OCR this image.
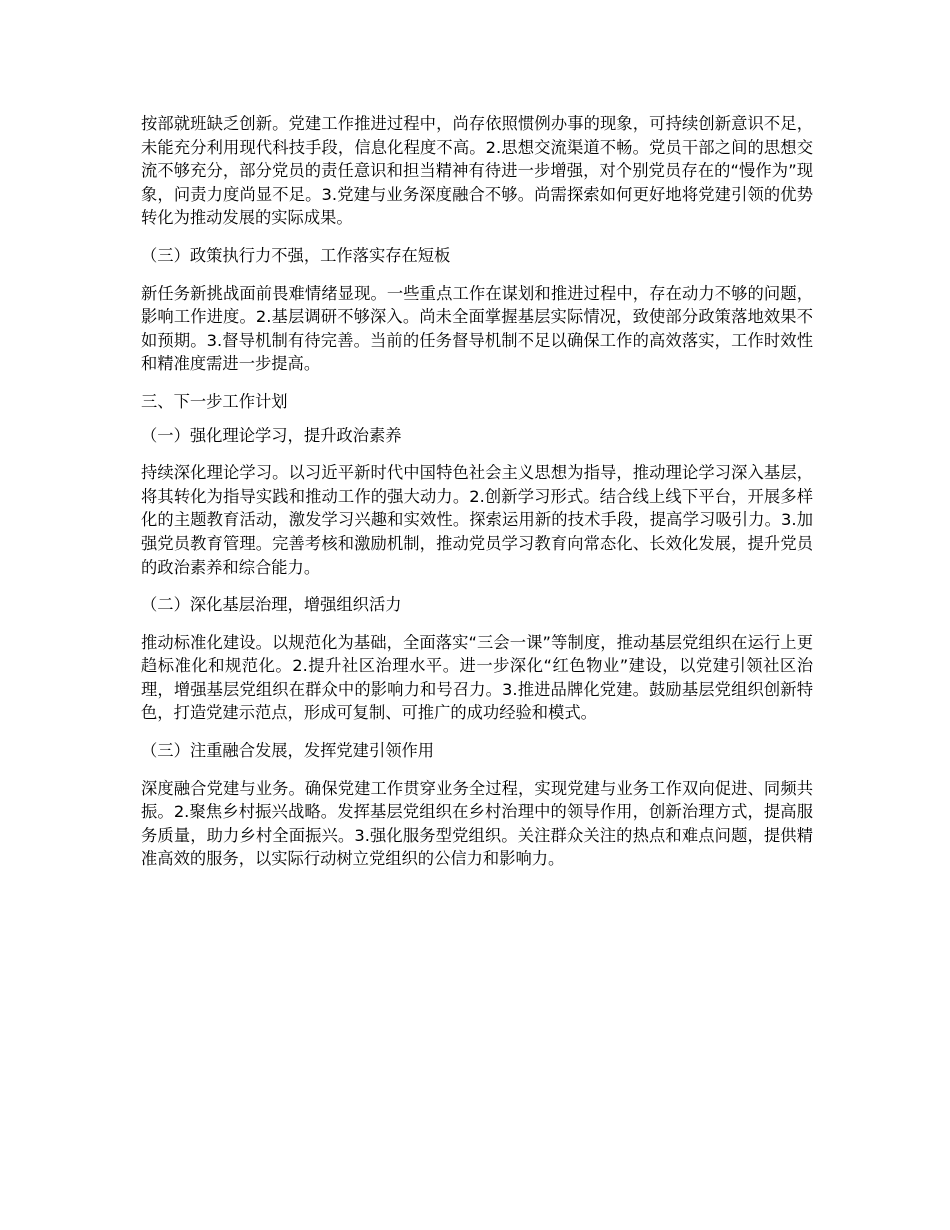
按部就班缺乏创新。党建工作推进过程中，尚存依照惯例办事的现象，可持续创新意识不足，未能充分利用现代科技手段，信息化程度不高。2.思想交流渠道不畅。党员干部之间的思想交流不够充分，部分党员的责任意识和担当精神有待进一步增强，对个别党员存在的“慢作为”现象，问责力度尚显不足。3.党建与业务深度融合不够。尚需探索如何更好地将党建引领的优势转化为推动发展的实际成果。

（三）政策执行力不强，工作落实存在短板

新任务新挑战面前畏难情绪显现。一些重点工作在谋划和推进过程中，存在动力不够的问题，影响工作进度。2.基层调研不够深入。尚未全面掌握基层实际情况，致使部分政策落地效果不如预期。3.督导机制有待完善。当前的任务督导机制不足以确保工作的高效落实，工作时效性和精准度需进一步提高。

三、下一步工作计划

（一）强化理论学习，提升政治素养

持续深化理论学习。以习近平新时代中国特色社会主义思想为指导，推动理论学习深入基层，将其转化为指导实践和推动工作的强大动力。2.创新学习形式。结合线上线下平台，开展多样化的主题教育活动，激发学习兴趣和实效性。探索运用新的技术手段，提高学习吸引力。3.加强党员教育管理。完善考核和激励机制，推动党员学习教育向常态化、长效化发展，提升党员的政治素养和综合能力。

（二）深化基层治理，增强组织活力

推动标准化建设。以规范化为基础，全面落实“三会一课”等制度，推动基层党组织在运行上更趋标准化和规范化。2.提升社区治理水平。进一步深化“红色物业”建设，以党建引领社区治理，增强基层党组织在群众中的影响力和号召力。3.推进品牌化党建。鼓励基层党组织创新特色，打造党建示范点，形成可复制、可推广的成功经验和模式。

（三）注重融合发展，发挥党建引领作用

深度融合党建与业务。确保党建工作贯穿业务全过程，实现党建与业务工作双向促进、同频共振。2.聚焦乡村振兴战略。发挥基层党组织在乡村治理中的领导作用，创新治理方式，提高服务质量，助力乡村全面振兴。3.强化服务型党组织。关注群众关注的热点和难点问题，提供精准高效的服务，以实际行动树立党组织的公信力和影响力。
